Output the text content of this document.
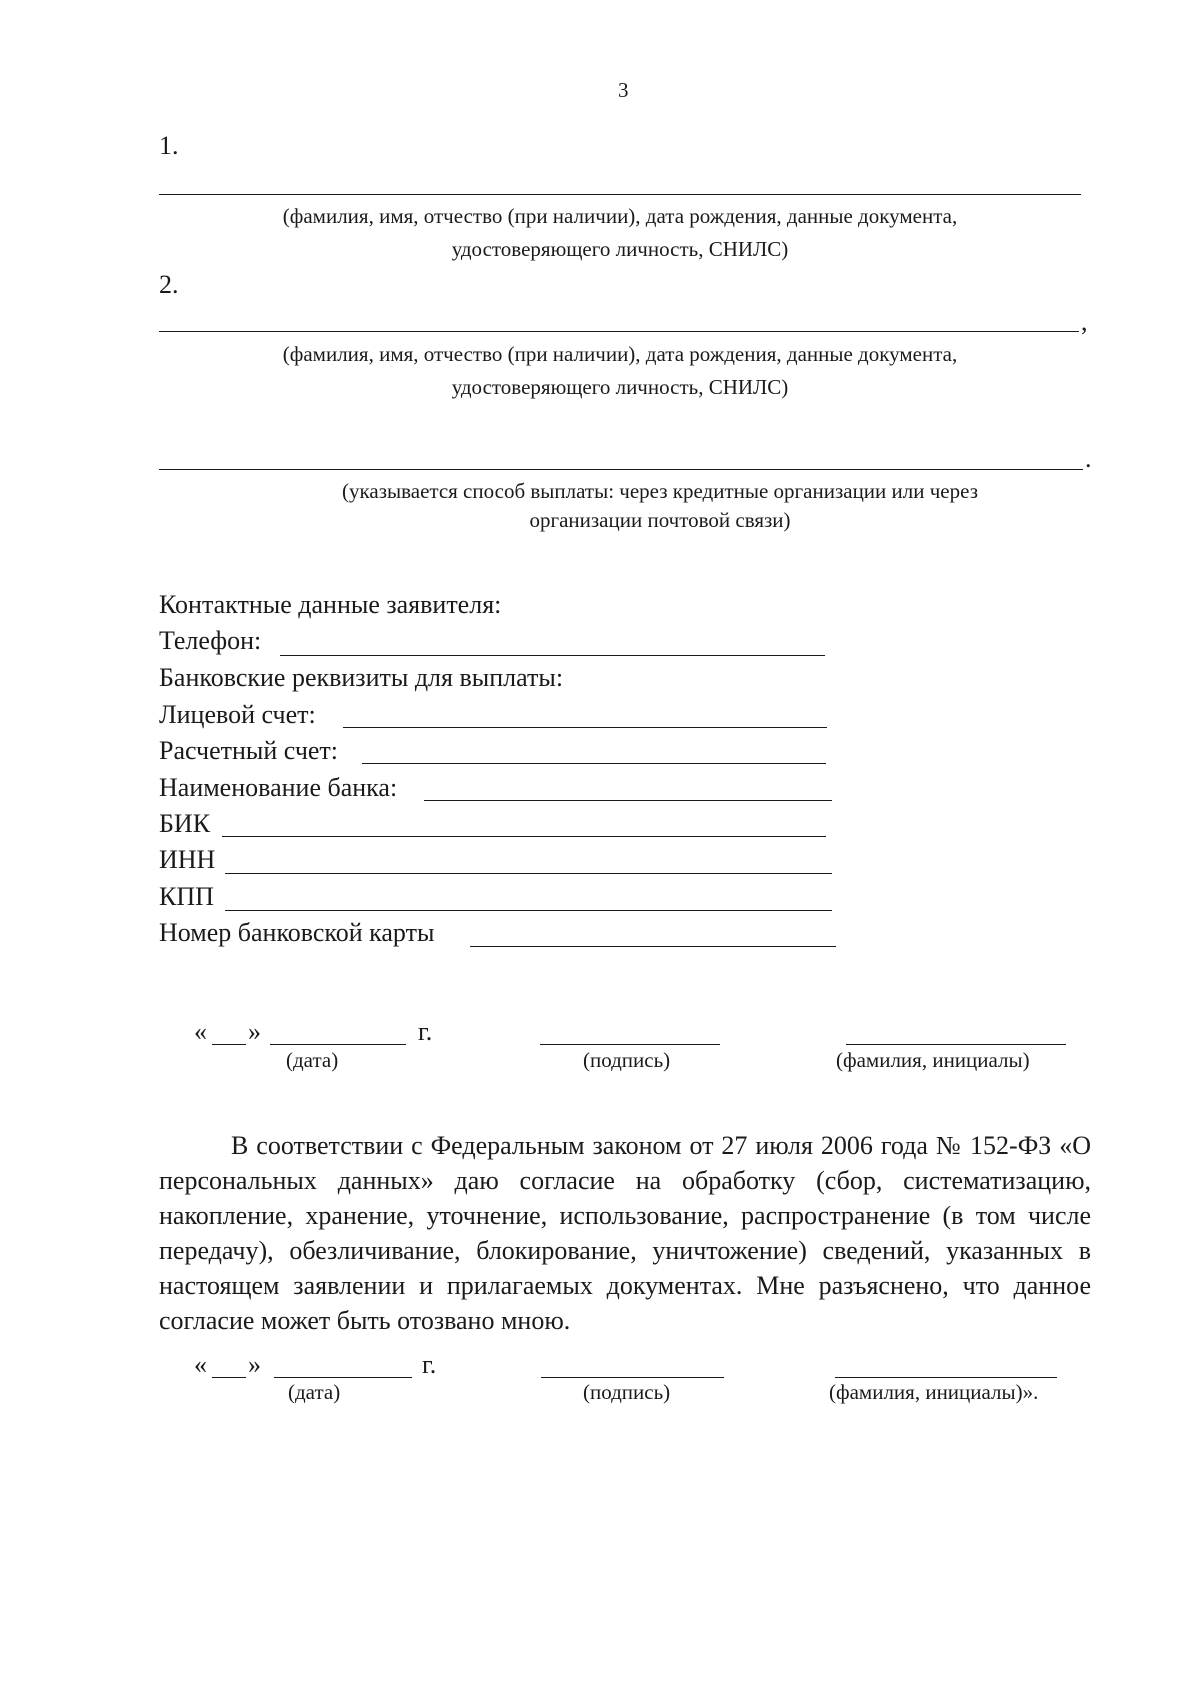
3
1.
(фамилия, имя, отчество (при наличии), дата рождения, данные документа,
удостоверяющего личность, СНИЛС)
2.
,
(фамилия, имя, отчество (при наличии), дата рождения, данные документа,
удостоверяющего личность, СНИЛС)
.
(указывается способ выплаты: через кредитные организации или через
организации почтовой связи)
Контактные данные заявителя:
Телефон:
Банковские реквизиты для выплаты:
Лицевой счет:
Расчетный счет:
Наименование банка:
БИК
ИНН
КПП
Номер банковской карты
« »	г.
(дата)	(подпись)	(фамилия, инициалы)

В соответствии с Федеральным законом от 27 июля 2006 года № 152-ФЗ «О персональных данных» даю согласие на обработку (сбор, систематизацию, накопление, хранение, уточнение, использование, распространение (в том числе передачу), обезличивание, блокирование, уничтожение) сведений, указанных в настоящем заявлении и прилагаемых документах. Мне разъяснено, что данное согласие может быть отозвано мною.

« »	г.
(дата)	(подпись)	(фамилия, инициалы)».
